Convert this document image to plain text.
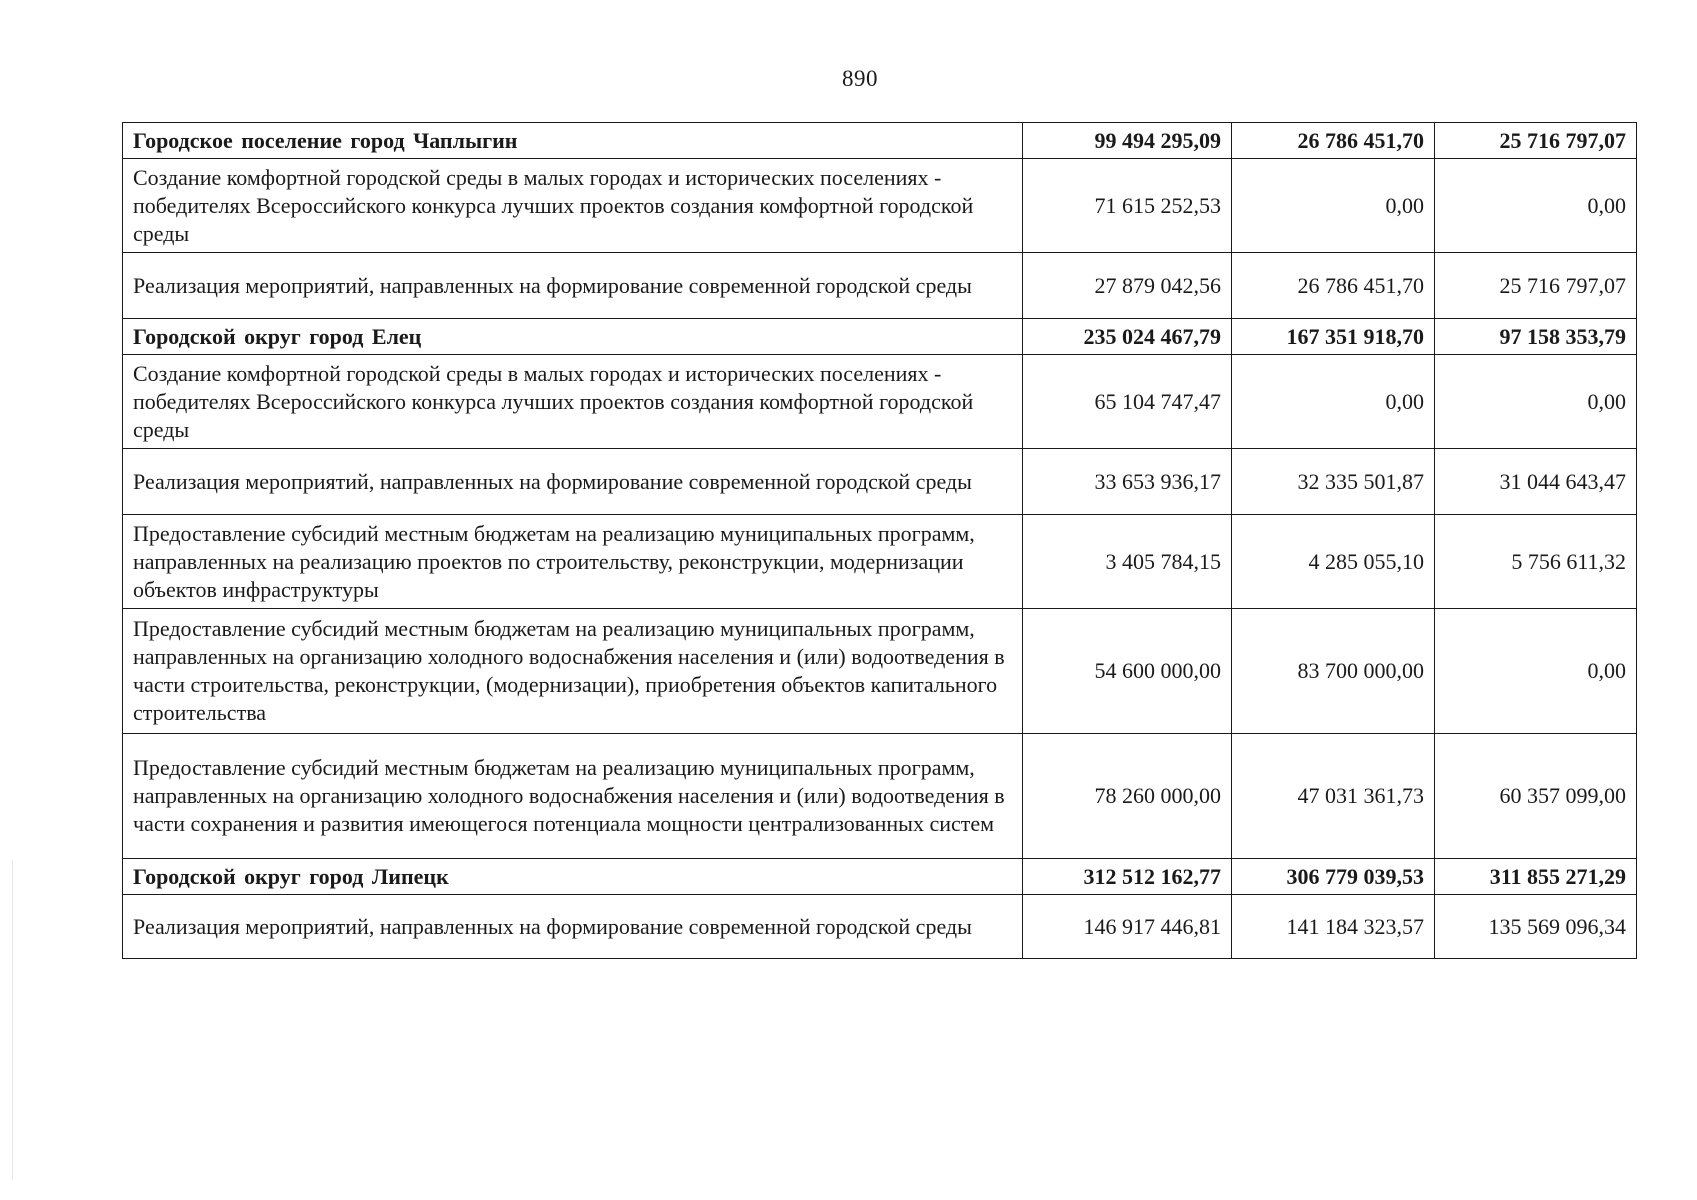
890
Городское поселение город Чаплыгин	99 494 295,09	26 786 451,70	25 716 797,07
Создание комфортной городской среды в малых городах и исторических поселениях - победителях Всероссийского конкурса лучших проектов создания комфортной городской среды	71 615 252,53	0,00	0,00
Реализация мероприятий, направленных на формирование современной городской среды	27 879 042,56	26 786 451,70	25 716 797,07
Городской округ город Елец	235 024 467,79	167 351 918,70	97 158 353,79
Создание комфортной городской среды в малых городах и исторических поселениях - победителях Всероссийского конкурса лучших проектов создания комфортной городской среды	65 104 747,47	0,00	0,00
Реализация мероприятий, направленных на формирование современной городской среды	33 653 936,17	32 335 501,87	31 044 643,47
Предоставление субсидий местным бюджетам на реализацию муниципальных программ, направленных на реализацию проектов по строительству, реконструкции, модернизации объектов инфраструктуры	3 405 784,15	4 285 055,10	5 756 611,32
Предоставление субсидий местным бюджетам на реализацию муниципальных программ, направленных на организацию холодного водоснабжения населения и (или) водоотведения в части строительства, реконструкции, (модернизации), приобретения объектов капитального строительства	54 600 000,00	83 700 000,00	0,00
Предоставление субсидий местным бюджетам на реализацию муниципальных программ, направленных на организацию холодного водоснабжения населения и (или) водоотведения в части сохранения и развития имеющегося потенциала мощности централизованных систем	78 260 000,00	47 031 361,73	60 357 099,00
Городской округ город Липецк	312 512 162,77	306 779 039,53	311 855 271,29
Реализация мероприятий, направленных на формирование современной городской среды	146 917 446,81	141 184 323,57	135 569 096,34
